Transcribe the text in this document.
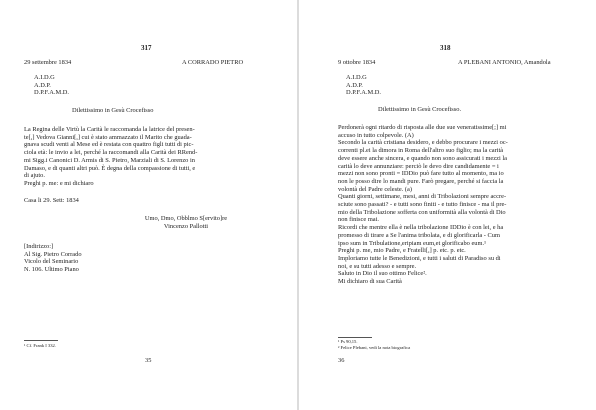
317
29 settembre 1834	A CORRADO PIETRO
A.I.D.G
A.D.P.
D.P.F.A.M.D.
Dilettissimo in Gesù Crocefisso
La Regina delle Virtù la Carità le raccomanda la latrice del presen-
te[,] Vedova Gianni[,] cui è stato ammazzato il Marito che guada-
gnava scudi venti al Mese ed è restata con quattro figli tutti di pic-
ciola età: le invio a lei, perché la raccomandi alla Carità dei RRend-
mi Sigg.i Canonici D. Armis di S. Pietro, Marziali di S. Lorenzo in
Damaso, e di quanti altri può. È degna della compassione di tutti, e
di ajuto.
Preghi p. me: e mi dichiaro
Casa li 29. Sett: 1834
Umo, Dmo, Obblmo S[ervito]re
Vincenzo Pallotti
[Indirizzo:]
Al Sig. Pietro Corrado
Vicolo del Seminario
N. 106. Ultimo Piano
¹ Cf. Frank I 332.
35
318
9 ottobre 1834	A PLEBANI ANTONIO, Amandola
A.I.D.G
A.D.P.
D.P.F.A.M.D.
Dilettissimo in Gesù Crocefisso.
Perdonerà ogni ritardo di risposta alle due sue veneratissime[;] mi
accuso in tutto colpevole. (A)
Secondo la carità cristiana desidero, e debbo procurare i mezzi oc-
correnti pl.ei la dimora in Roma dell'altro suo figlio; ma la carità
deve essere anche sincera, e quando non sono assicurati i mezzi la
carità lo deve annunziare: perciò le devo dire candidamente = i
mezzi non sono pronti = IDDio può fare tutto al momento, ma io
non le posso dire lo mandi pure. Farò pregare, perché si faccia la
volontà del Padre celeste. (a)
Quanti giorni, settimane, mesi, anni di Tribolazioni sempre accre-
sciute sono passati? - e tutti sono finiti - e tutto finisce - ma il pre-
mio della Tribolazione sofferta con uniformità alla volontà di Dio
non finisce mai.
Ricordi che mentre ella è nella tribolazione IDDio è con lei, e ha
promesso di tirare a Se l'anima tribolata, e di glorificarla - Cum
ipso sum in Tribulatione,eripiam eum,et glorificabo eum.¹
Preghi p. me, mio Padre, e Fratelli[,] p. etc. p. etc.
Imploriamo tutte le Benedizioni, e tutti i saluti di Paradiso su di
noi, e su tutti adesso e sempre.
Saluto in Dio il suo ottimo Felice².
Mi dichiaro di sua Carità
¹ Ps 90,15.
² Felice Plebani, vedi la nota biografica
36
